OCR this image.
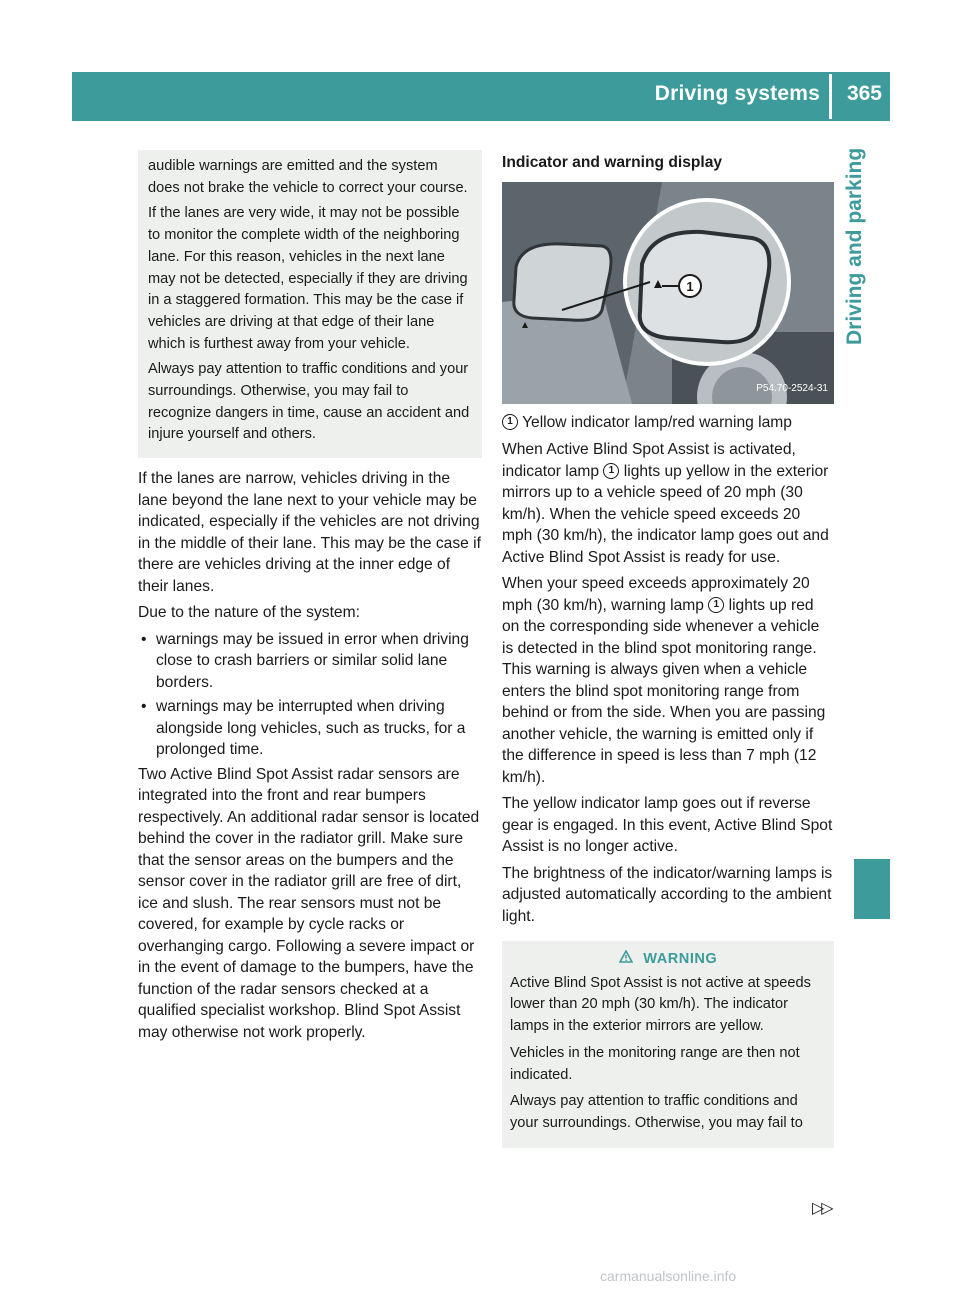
Driving systems 365
Driving and parking

audible warnings are emitted and the system does not brake the vehicle to correct your course.

If the lanes are very wide, it may not be possible to monitor the complete width of the neighboring lane. For this reason, vehicles in the next lane may not be detected, especially if they are driving in a staggered formation. This may be the case if vehicles are driving at that edge of their lane which is furthest away from your vehicle.

Always pay attention to traffic conditions and your surroundings. Otherwise, you may fail to recognize dangers in time, cause an accident and injure yourself and others.

If the lanes are narrow, vehicles driving in the lane beyond the lane next to your vehicle may be indicated, especially if the vehicles are not driving in the middle of their lane. This may be the case if there are vehicles driving at the inner edge of their lanes.

Due to the nature of the system:

• warnings may be issued in error when driving close to crash barriers or similar solid lane borders.
• warnings may be interrupted when driving alongside long vehicles, such as trucks, for a prolonged time.

Two Active Blind Spot Assist radar sensors are integrated into the front and rear bumpers respectively. An additional radar sensor is located behind the cover in the radiator grill. Make sure that the sensor areas on the bumpers and the sensor cover in the radiator grill are free of dirt, ice and slush. The rear sensors must not be covered, for example by cycle racks or overhanging cargo. Following a severe impact or in the event of damage to the bumpers, have the function of the radar sensors checked at a qualified specialist workshop. Blind Spot Assist may otherwise not work properly.

Indicator and warning display
1
P54.70-2524-31

1 Yellow indicator lamp/red warning lamp

When Active Blind Spot Assist is activated, indicator lamp 1 lights up yellow in the exterior mirrors up to a vehicle speed of 20 mph (30 km/h). When the vehicle speed exceeds 20 mph (30 km/h), the indicator lamp goes out and Active Blind Spot Assist is ready for use.

When your speed exceeds approximately 20 mph (30 km/h), warning lamp 1 lights up red on the corresponding side whenever a vehicle is detected in the blind spot monitoring range. This warning is always given when a vehicle enters the blind spot monitoring range from behind or from the side. When you are passing another vehicle, the warning is emitted only if the difference in speed is less than 7 mph (12 km/h).

The yellow indicator lamp goes out if reverse gear is engaged. In this event, Active Blind Spot Assist is no longer active.

The brightness of the indicator/warning lamps is adjusted automatically according to the ambient light.

WARNING

Active Blind Spot Assist is not active at speeds lower than 20 mph (30 km/h). The indicator lamps in the exterior mirrors are yellow.

Vehicles in the monitoring range are then not indicated.

Always pay attention to traffic conditions and your surroundings. Otherwise, you may fail to

▷▷
carmanualsonline.info
